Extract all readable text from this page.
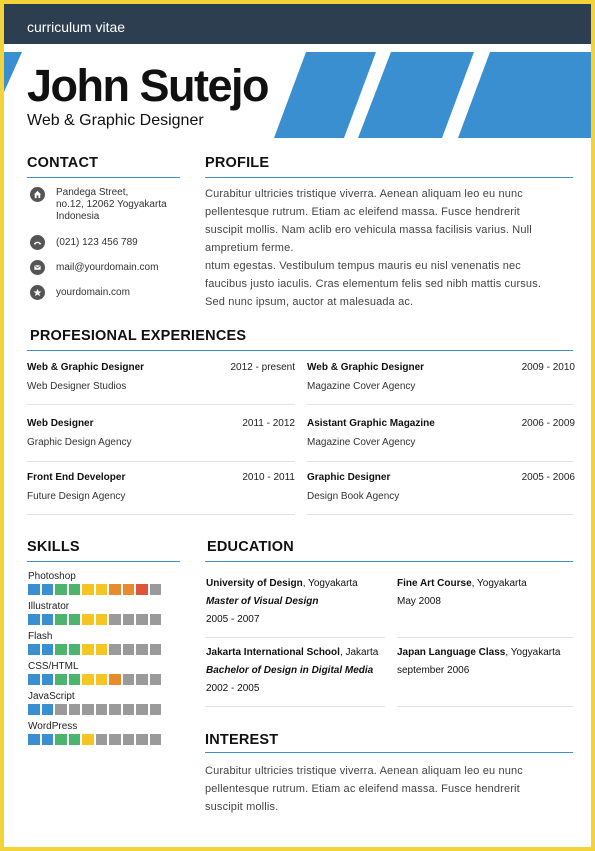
curriculum vitae
John Sutejo
Web & Graphic Designer
CONTACT
Pandega Street,
no.12, 12062 Yogyakarta
Indonesia
(021) 123 456 789
mail@yourdomain.com
yourdomain.com
PROFILE
Curabitur ultricies tristique viverra. Aenean aliquam leo eu nunc
pellentesque rutrum. Etiam ac eleifend massa. Fusce hendrerit
suscipit mollis. Nam aclib ero vehicula massa facilisis varius. Null
ampretium ferme.
ntum egestas. Vestibulum tempus mauris eu nisl venenatis nec
faucibus justo iaculis. Cras elementum felis sed nibh mattis cursus.
Sed nunc ipsum, auctor at malesuada ac.
PROFESIONAL EXPERIENCES
Web & Graphic Designer	2012 - present
Web Designer Studios
Web & Graphic Designer	2009 - 2010
Magazine Cover Agency
Web Designer	2011 - 2012
Graphic Design Agency
Asistant Graphic Magazine	2006 - 2009
Magazine Cover Agency
Front End Developer	2010 - 2011
Future Design Agency
Graphic Designer	2005 - 2006
Design Book Agency
SKILLS
Photoshop
Illustrator
Flash
CSS/HTML
JavaScript
WordPress
EDUCATION
University of Design, Yogyakarta
Master of Visual Design
2005 - 2007
Fine Art Course, Yogyakarta
May 2008
Jakarta International School, Jakarta
Bachelor of Design in Digital Media
2002 - 2005
Japan Language Class, Yogyakarta
september 2006
INTEREST
Curabitur ultricies tristique viverra. Aenean aliquam leo eu nunc
pellentesque rutrum. Etiam ac eleifend massa. Fusce hendrerit
suscipit mollis.
